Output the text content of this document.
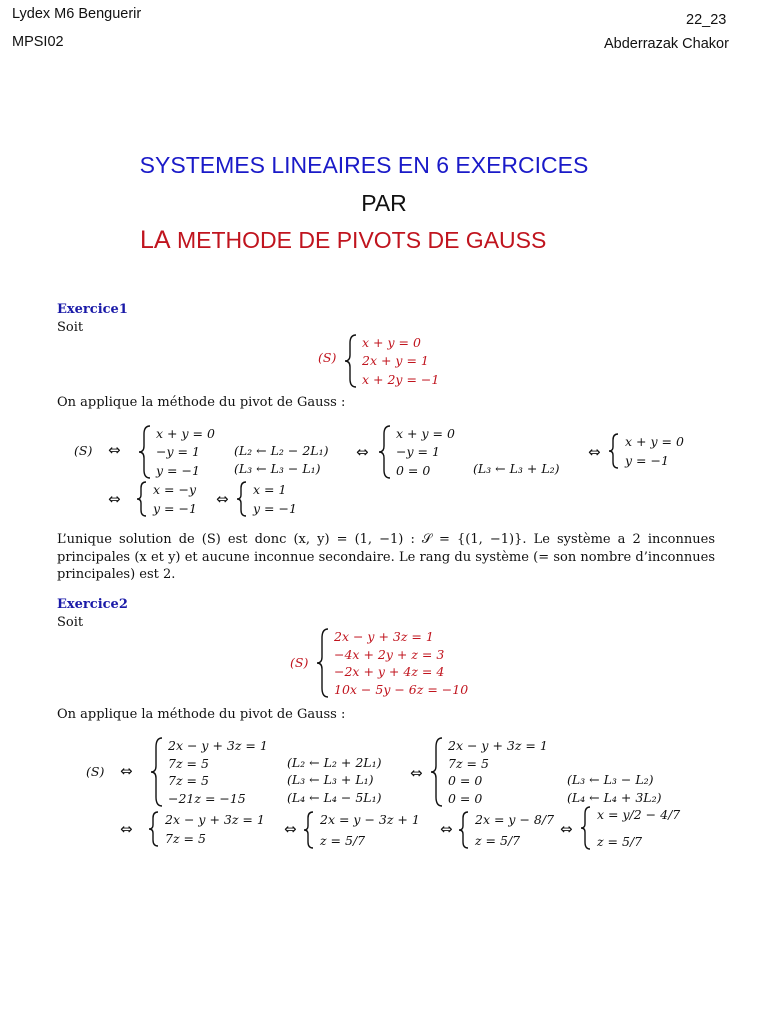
Lydex M6 Benguerir
MPSI02
22_23
Abderrazak Chakor
SYSTEMES LINEAIRES EN 6 EXERCICES
PAR
LA METHODE DE PIVOTS DE GAUSS
Exercice1
Soit
(S)
x + y = 0
2x + y = 1
x + 2y = −1
On applique la méthode du pivot de Gauss :
(S) ⇔
x + y = 0
−y = 1
y = −1
(L₂ ← L₂ − 2L₁)
(L₃ ← L₃ − L₁)
⇔
x + y = 0
−y = 1
0 = 0	(L₃ ← L₃ + L₂)
⇔
x + y = 0
y = −1
⇔
x = −y
y = −1 ⇔
x = 1
y = −1
L’unique solution de (S) est donc (x, y) = (1, −1) : 𝒮 = {(1, −1)}. Le système a 2 inconnues principales (x et y) et aucune inconnue secondaire. Le rang du système (= son nombre d’inconnues principales) est 2.
Exercice2
Soit
(S)
2x − y + 3z = 1
−4x + 2y + z = 3
−2x + y + 4z = 4
10x − 5y − 6z = −10
On applique la méthode du pivot de Gauss :
(S) ⇔
2x − y + 3z = 1
7z = 5
7z = 5
−21z = −15
(L₂ ← L₂ + 2L₁)
(L₃ ← L₃ + L₁)
(L₄ ← L₄ − 5L₁)
⇔
2x − y + 3z = 1
7z = 5
0 = 0
0 = 0
(L₃ ← L₃ − L₂)
(L₄ ← L₄ + 3L₂)
⇔
2x − y + 3z = 1
7z = 5	⇔
2x = y − 3z + 1
z = 5/7
⇔
2x = y − 8/7
z = 5/7
⇔
x = y/2 − 4/7
z = 5/7
